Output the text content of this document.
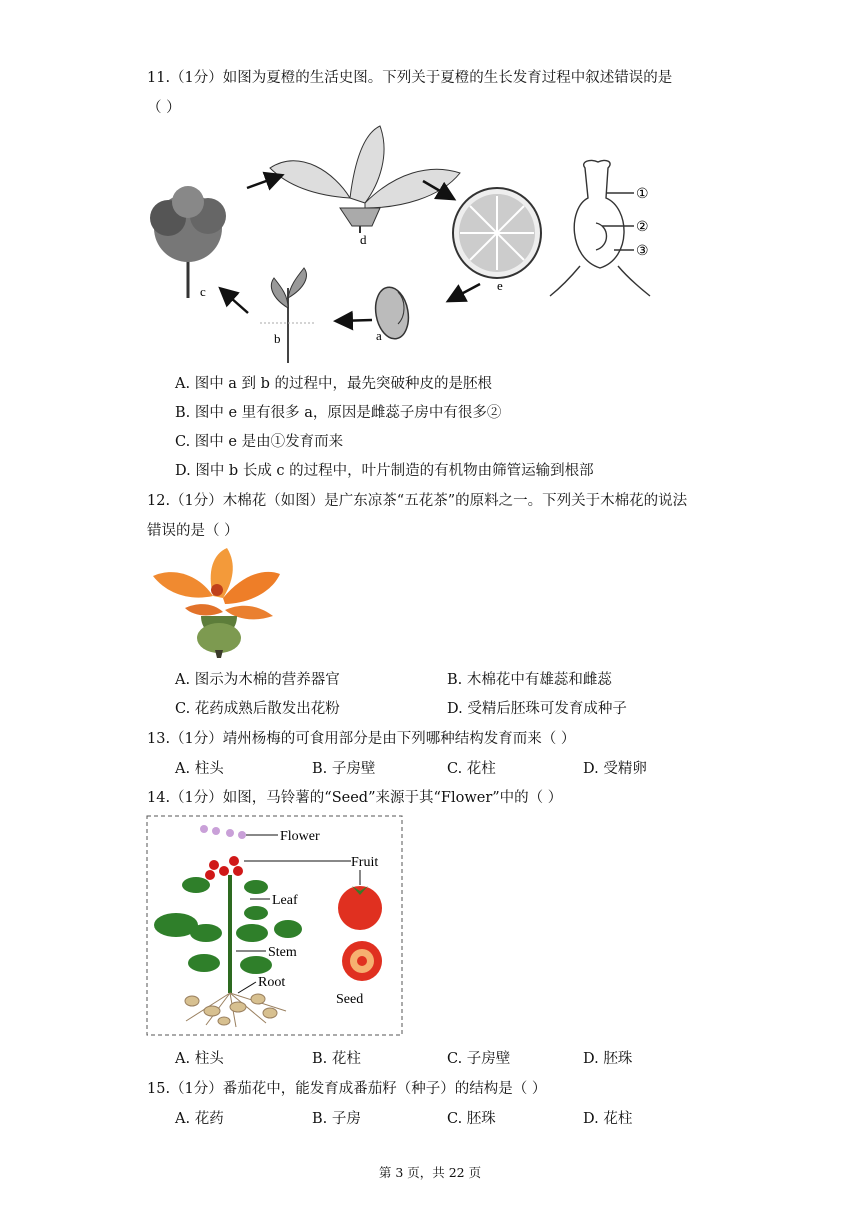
11.（1分）如图为夏橙的生活史图。下列关于夏橙的生长发育过程中叙述错误的是
（ ）
c
d
e
①
②
③
a
b
A. 图中 a 到 b 的过程中，最先突破种皮的是胚根
B. 图中 e 里有很多 a，原因是雌蕊子房中有很多②
C. 图中 e 是由①发育而来
D. 图中 b 长成 c 的过程中，叶片制造的有机物由筛管运输到根部
12.（1分）木棉花（如图）是广东凉茶“五花茶”的原料之一。下列关于木棉花的说法
错误的是（ ）
A. 图示为木棉的营养器官	B. 木棉花中有雄蕊和雌蕊
C. 花药成熟后散发出花粉	D. 受精后胚珠可发育成种子
13.（1分）靖州杨梅的可食用部分是由下列哪种结构发育而来（ ）
A. 柱头	B. 子房壁	C. 花柱	D. 受精卵
14.（1分）如图，马铃薯的“Seed”来源于其“Flower”中的（ ）
Flower
Fruit
Seed
Leaf
Stem
Root
A. 柱头	B. 花柱	C. 子房壁	D. 胚珠
15.（1分）番茄花中，能发育成番茄籽（种子）的结构是（ ）
A. 花药	B. 子房	C. 胚珠	D. 花柱
第 3 页，共 22 页
